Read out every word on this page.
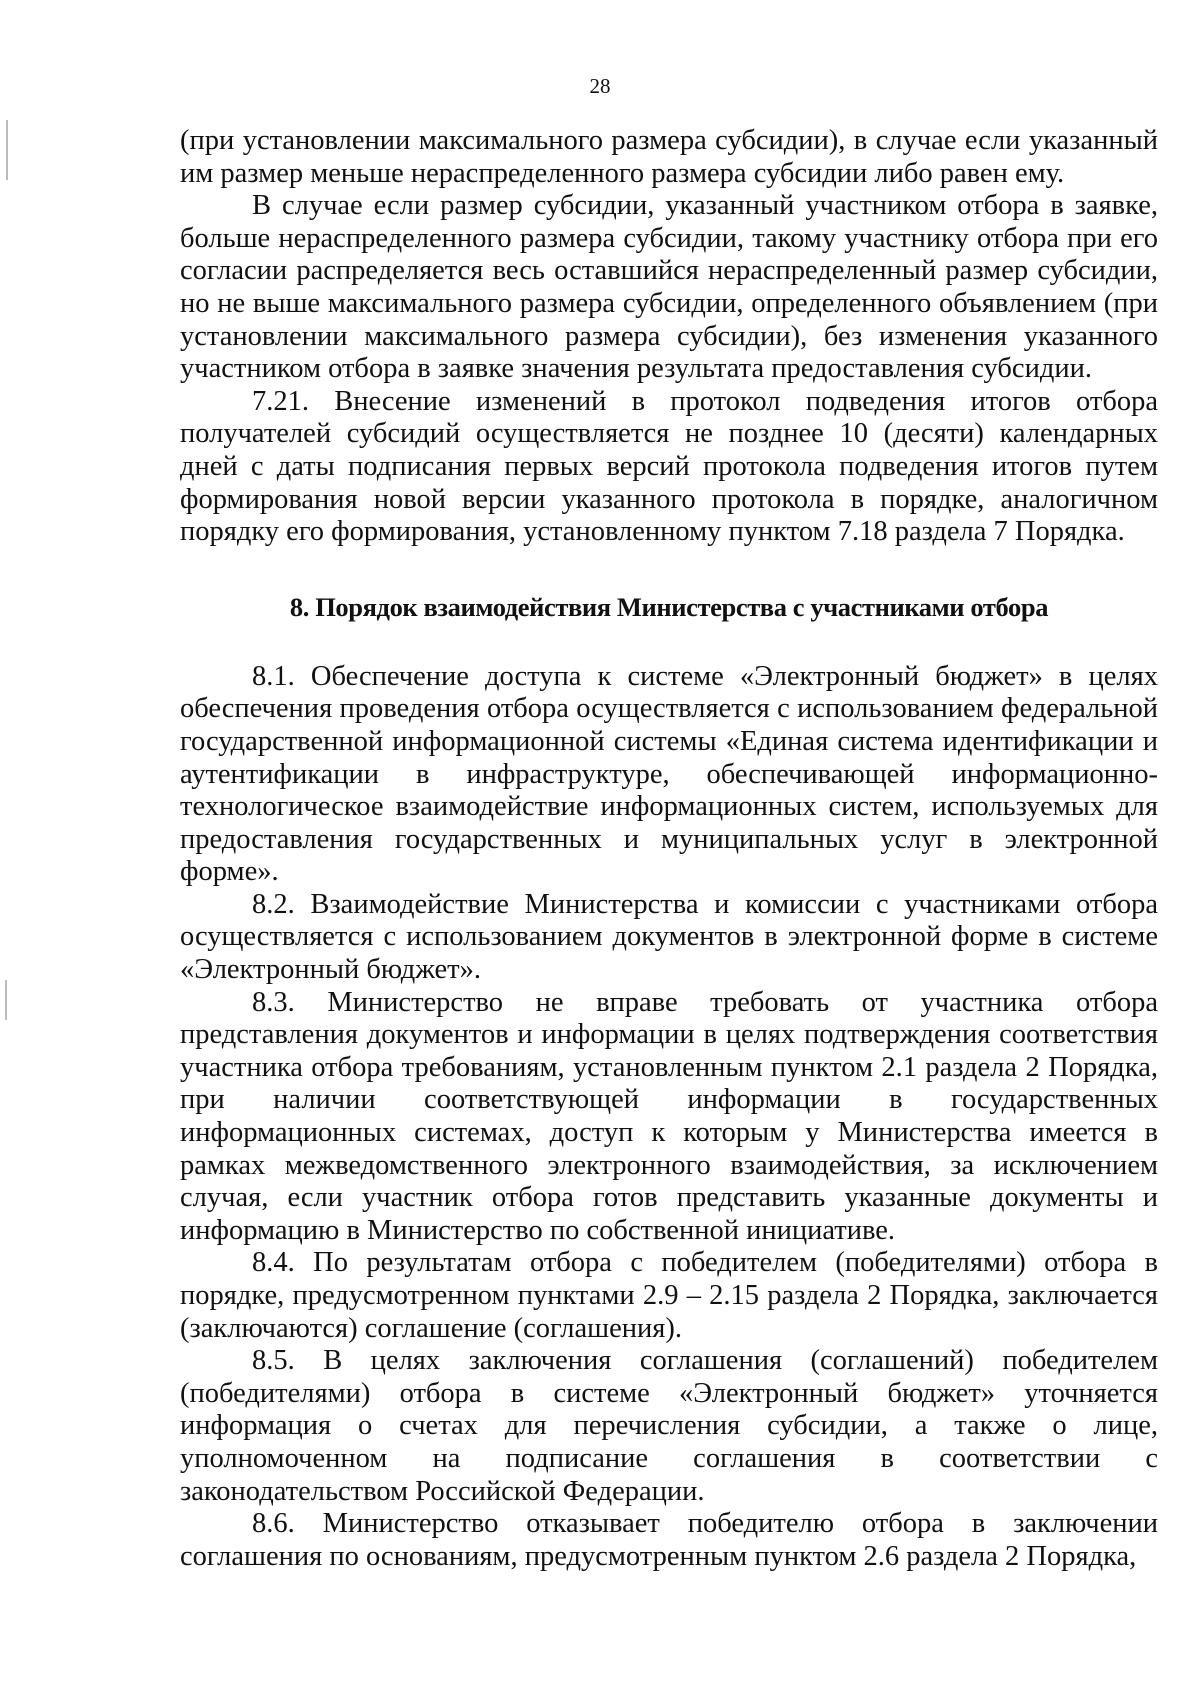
28

(при установлении максимального размера субсидии), в случае если указанный им размер меньше нераспределенного размера субсидии либо равен ему.

В случае если размер субсидии, указанный участником отбора в заявке, больше нераспределенного размера субсидии, такому участнику отбора при его согласии распределяется весь оставшийся нераспределенный размер субсидии, но не выше максимального размера субсидии, определенного объявлением (при установлении максимального размера субсидии), без изменения указанного участником отбора в заявке значения результата предоставления субсидии.

7.21. Внесение изменений в протокол подведения итогов отбора получателей субсидий осуществляется не позднее 10 (десяти) календарных дней с даты подписания первых версий протокола подведения итогов путем формирования новой версии указанного протокола в порядке, аналогичном порядку его формирования, установленному пунктом 7.18 раздела 7 Порядка.

8. Порядок взаимодействия Министерства с участниками отбора

8.1. Обеспечение доступа к системе «Электронный бюджет» в целях обеспечения проведения отбора осуществляется с использованием федеральной государственной информационной системы «Единая система идентификации и аутентификации в инфраструктуре, обеспечивающей информационно-технологическое взаимодействие информационных систем, используемых для предоставления государственных и муниципальных услуг в электронной форме».

8.2. Взаимодействие Министерства и комиссии с участниками отбора осуществляется с использованием документов в электронной форме в системе «Электронный бюджет».

8.3. Министерство не вправе требовать от участника отбора представления документов и информации в целях подтверждения соответствия участника отбора требованиям, установленным пунктом 2.1 раздела 2 Порядка, при наличии соответствующей информации в государственных информационных системах, доступ к которым у Министерства имеется в рамках межведомственного электронного взаимодействия, за исключением случая, если участник отбора готов представить указанные документы и информацию в Министерство по собственной инициативе.

8.4. По результатам отбора с победителем (победителями) отбора в порядке, предусмотренном пунктами 2.9 – 2.15 раздела 2 Порядка, заключается (заключаются) соглашение (соглашения).

8.5. В целях заключения соглашения (соглашений) победителем (победителями) отбора в системе «Электронный бюджет» уточняется информация о счетах для перечисления субсидии, а также о лице, уполномоченном на подписание соглашения в соответствии с законодательством Российской Федерации.

8.6. Министерство отказывает победителю отбора в заключении соглашения по основаниям, предусмотренным пунктом 2.6 раздела 2 Порядка,
